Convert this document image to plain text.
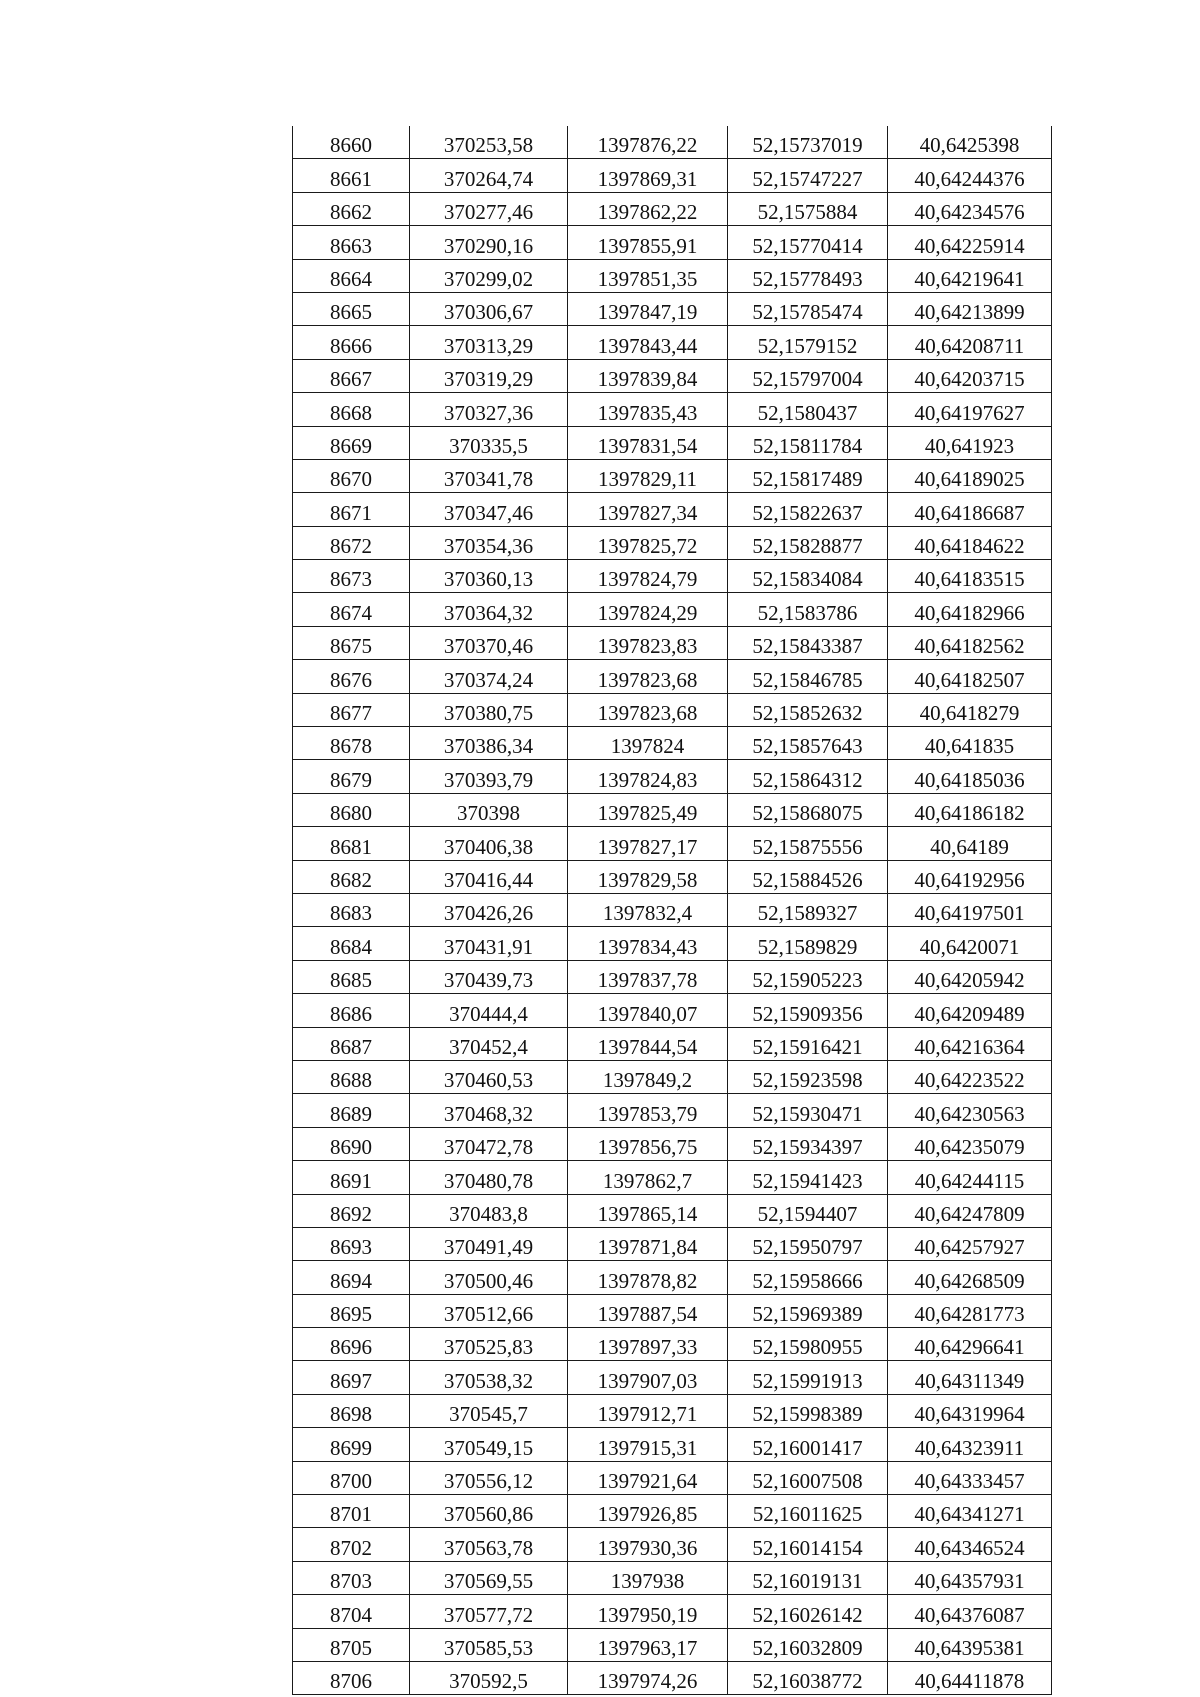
8660	370253,58	1397876,22	52,15737019	40,6425398
8661	370264,74	1397869,31	52,15747227	40,64244376
8662	370277,46	1397862,22	52,1575884	40,64234576
8663	370290,16	1397855,91	52,15770414	40,64225914
8664	370299,02	1397851,35	52,15778493	40,64219641
8665	370306,67	1397847,19	52,15785474	40,64213899
8666	370313,29	1397843,44	52,1579152	40,64208711
8667	370319,29	1397839,84	52,15797004	40,64203715
8668	370327,36	1397835,43	52,1580437	40,64197627
8669	370335,5	1397831,54	52,15811784	40,641923
8670	370341,78	1397829,11	52,15817489	40,64189025
8671	370347,46	1397827,34	52,15822637	40,64186687
8672	370354,36	1397825,72	52,15828877	40,64184622
8673	370360,13	1397824,79	52,15834084	40,64183515
8674	370364,32	1397824,29	52,1583786	40,64182966
8675	370370,46	1397823,83	52,15843387	40,64182562
8676	370374,24	1397823,68	52,15846785	40,64182507
8677	370380,75	1397823,68	52,15852632	40,6418279
8678	370386,34	1397824	52,15857643	40,641835
8679	370393,79	1397824,83	52,15864312	40,64185036
8680	370398	1397825,49	52,15868075	40,64186182
8681	370406,38	1397827,17	52,15875556	40,64189
8682	370416,44	1397829,58	52,15884526	40,64192956
8683	370426,26	1397832,4	52,1589327	40,64197501
8684	370431,91	1397834,43	52,1589829	40,6420071
8685	370439,73	1397837,78	52,15905223	40,64205942
8686	370444,4	1397840,07	52,15909356	40,64209489
8687	370452,4	1397844,54	52,15916421	40,64216364
8688	370460,53	1397849,2	52,15923598	40,64223522
8689	370468,32	1397853,79	52,15930471	40,64230563
8690	370472,78	1397856,75	52,15934397	40,64235079
8691	370480,78	1397862,7	52,15941423	40,64244115
8692	370483,8	1397865,14	52,1594407	40,64247809
8693	370491,49	1397871,84	52,15950797	40,64257927
8694	370500,46	1397878,82	52,15958666	40,64268509
8695	370512,66	1397887,54	52,15969389	40,64281773
8696	370525,83	1397897,33	52,15980955	40,64296641
8697	370538,32	1397907,03	52,15991913	40,64311349
8698	370545,7	1397912,71	52,15998389	40,64319964
8699	370549,15	1397915,31	52,16001417	40,64323911
8700	370556,12	1397921,64	52,16007508	40,64333457
8701	370560,86	1397926,85	52,16011625	40,64341271
8702	370563,78	1397930,36	52,16014154	40,64346524
8703	370569,55	1397938	52,16019131	40,64357931
8704	370577,72	1397950,19	52,16026142	40,64376087
8705	370585,53	1397963,17	52,16032809	40,64395381
8706	370592,5	1397974,26	52,16038772	40,64411878
